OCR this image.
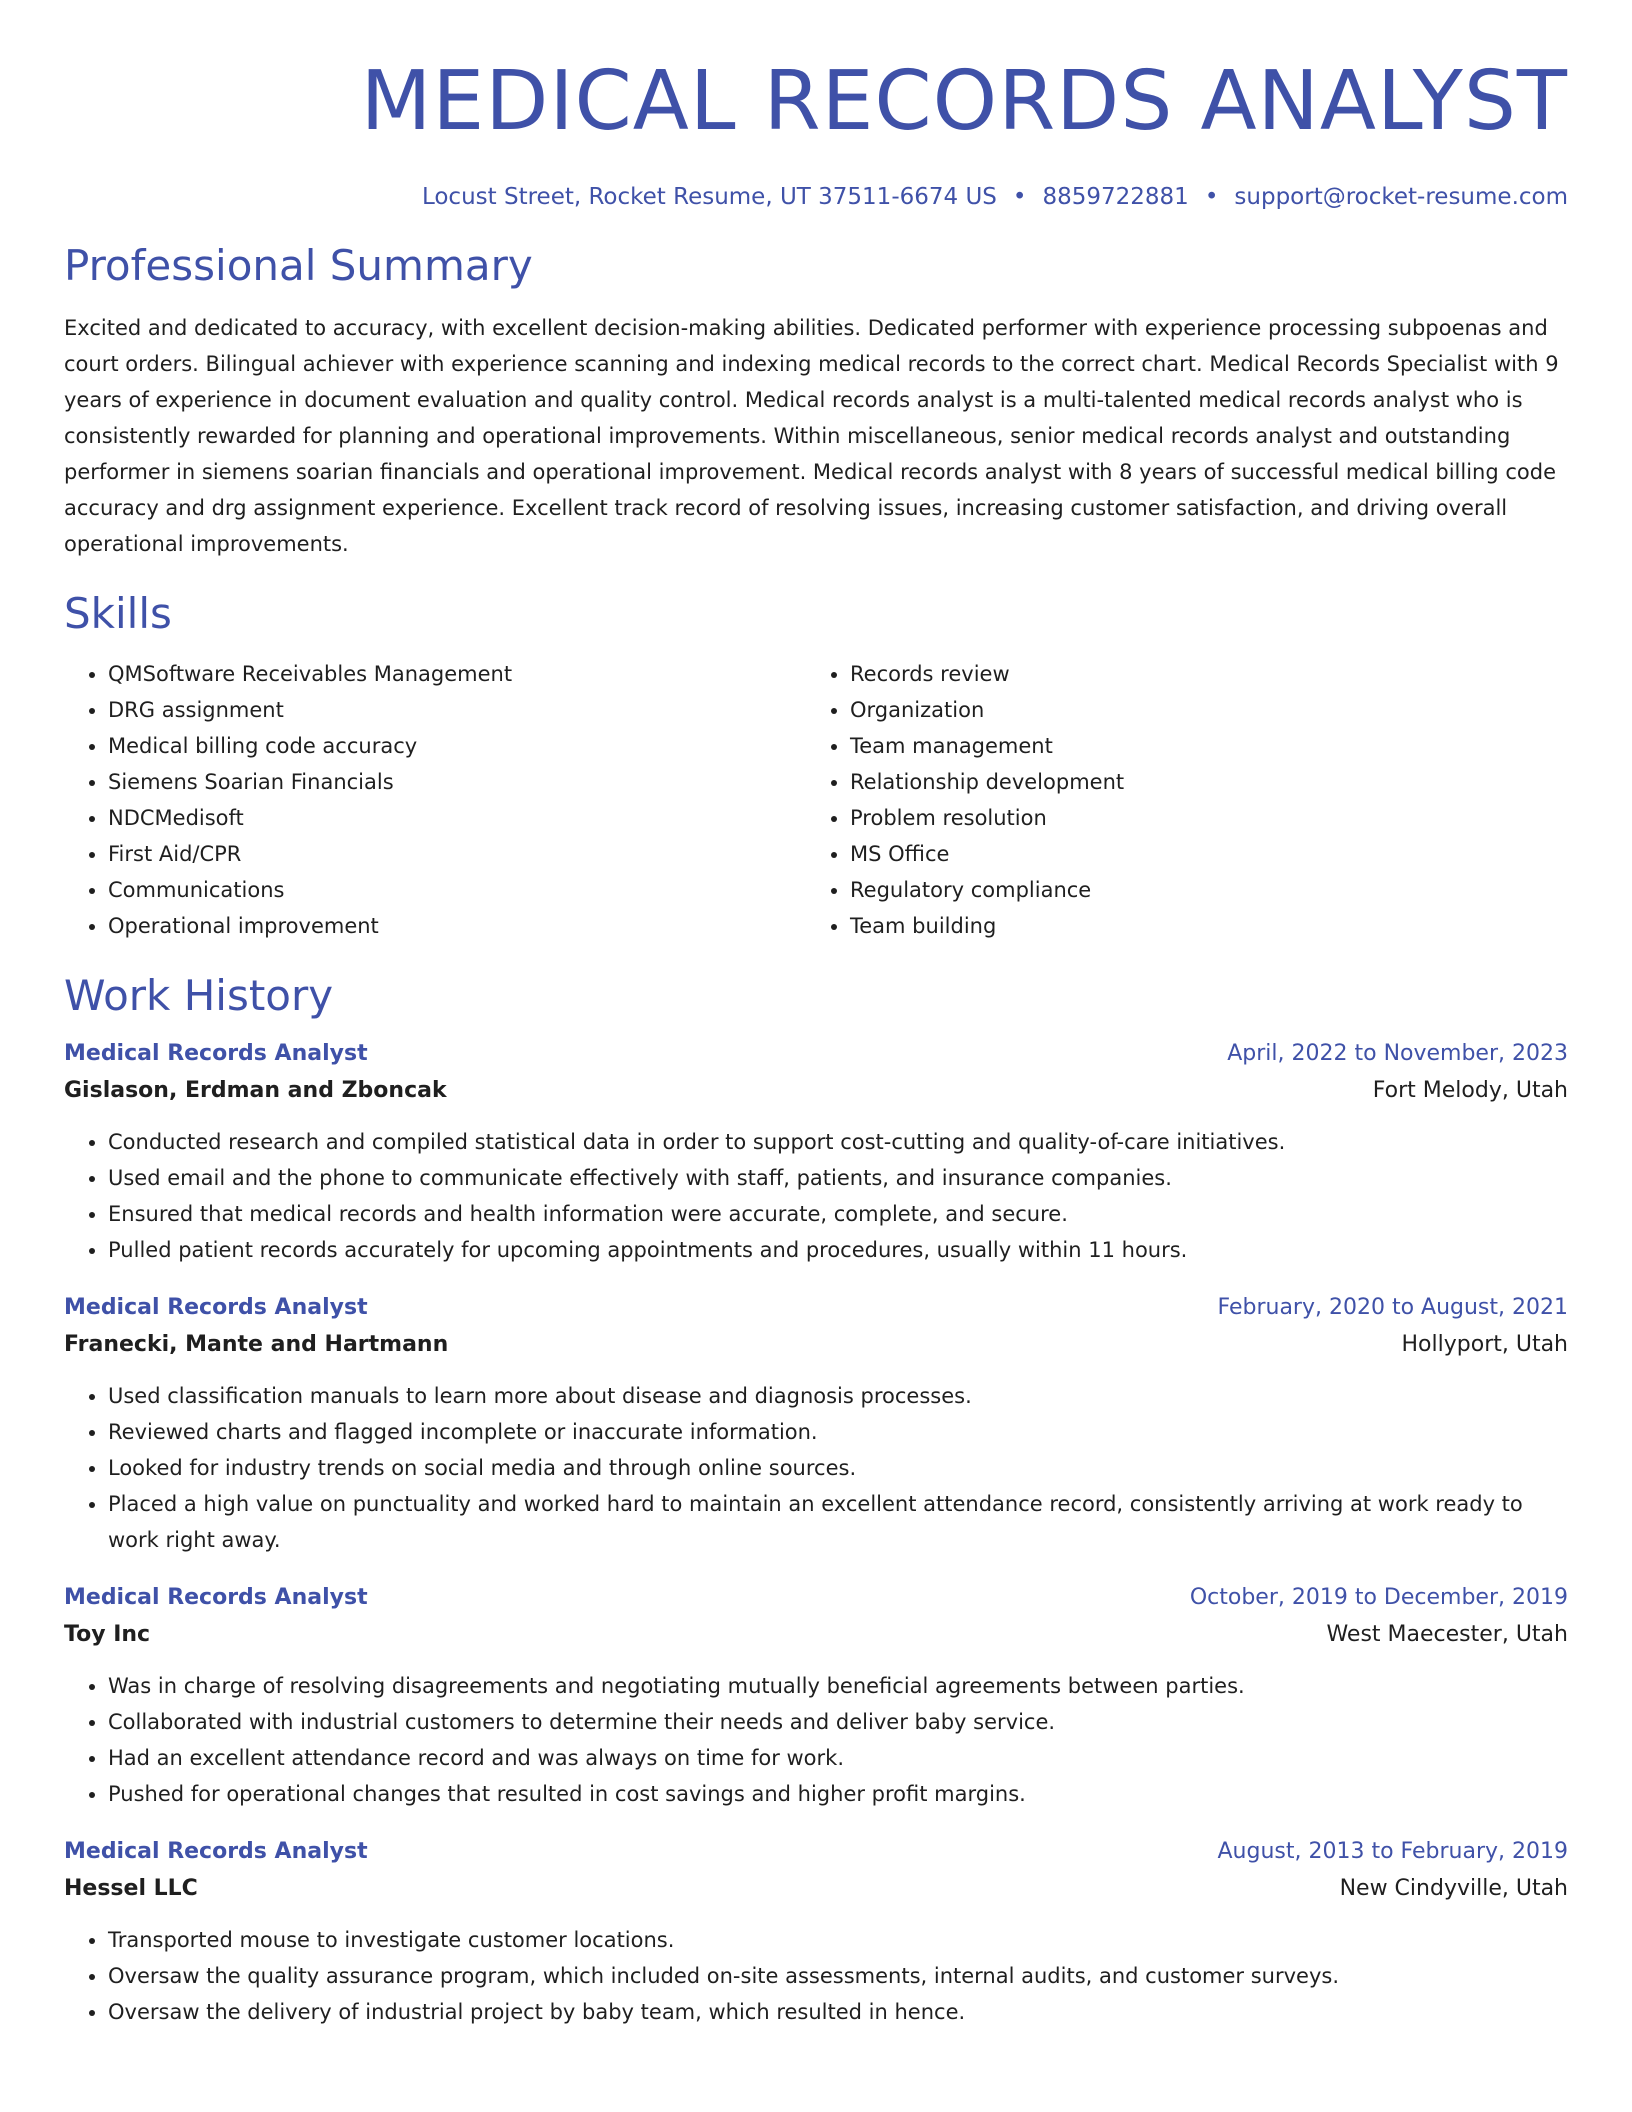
MEDICAL RECORDS ANALYST
Locust Street, Rocket Resume, UT 37511-6674 US • 8859722881 • support@rocket-resume.com
Professional Summary

Excited and dedicated to accuracy, with excellent decision-making abilities. Dedicated performer with experience processing subpoenas and court orders. Bilingual achiever with experience scanning and indexing medical records to the correct chart. Medical Records Specialist with 9 years of experience in document evaluation and quality control. Medical records analyst is a multi-talented medical records analyst who is consistently rewarded for planning and operational improvements. Within miscellaneous, senior medical records analyst and outstanding performer in siemens soarian financials and operational improvement. Medical records analyst with 8 years of successful medical billing code accuracy and drg assignment experience. Excellent track record of resolving issues, increasing customer satisfaction, and driving overall operational improvements.

Skills
• QMSoftware Receivables Management
• DRG assignment
• Medical billing code accuracy
• Siemens Soarian Financials
• NDCMedisoft
• First Aid/CPR
• Communications
• Operational improvement
• Records review
• Organization
• Team management
• Relationship development
• Problem resolution
• MS Office
• Regulatory compliance
• Team building
Work History
Medical Records Analyst	April, 2022 to November, 2023
Gislason, Erdman and Zboncak	Fort Melody, Utah
• Conducted research and compiled statistical data in order to support cost-cutting and quality-of-care initiatives.
• Used email and the phone to communicate effectively with staff, patients, and insurance companies.
• Ensured that medical records and health information were accurate, complete, and secure.
• Pulled patient records accurately for upcoming appointments and procedures, usually within 11 hours.
Medical Records Analyst	February, 2020 to August, 2021
Franecki, Mante and Hartmann	Hollyport, Utah
• Used classification manuals to learn more about disease and diagnosis processes.
• Reviewed charts and flagged incomplete or inaccurate information.
• Looked for industry trends on social media and through online sources.
• Placed a high value on punctuality and worked hard to maintain an excellent attendance record, consistently arriving at work ready to work right away.
Medical Records Analyst	October, 2019 to December, 2019
Toy Inc	West Maecester, Utah
• Was in charge of resolving disagreements and negotiating mutually beneficial agreements between parties.
• Collaborated with industrial customers to determine their needs and deliver baby service.
• Had an excellent attendance record and was always on time for work.
• Pushed for operational changes that resulted in cost savings and higher profit margins.
Medical Records Analyst	August, 2013 to February, 2019
Hessel LLC	New Cindyville, Utah
• Transported mouse to investigate customer locations.
• Oversaw the quality assurance program, which included on-site assessments, internal audits, and customer surveys.
• Oversaw the delivery of industrial project by baby team, which resulted in hence.
